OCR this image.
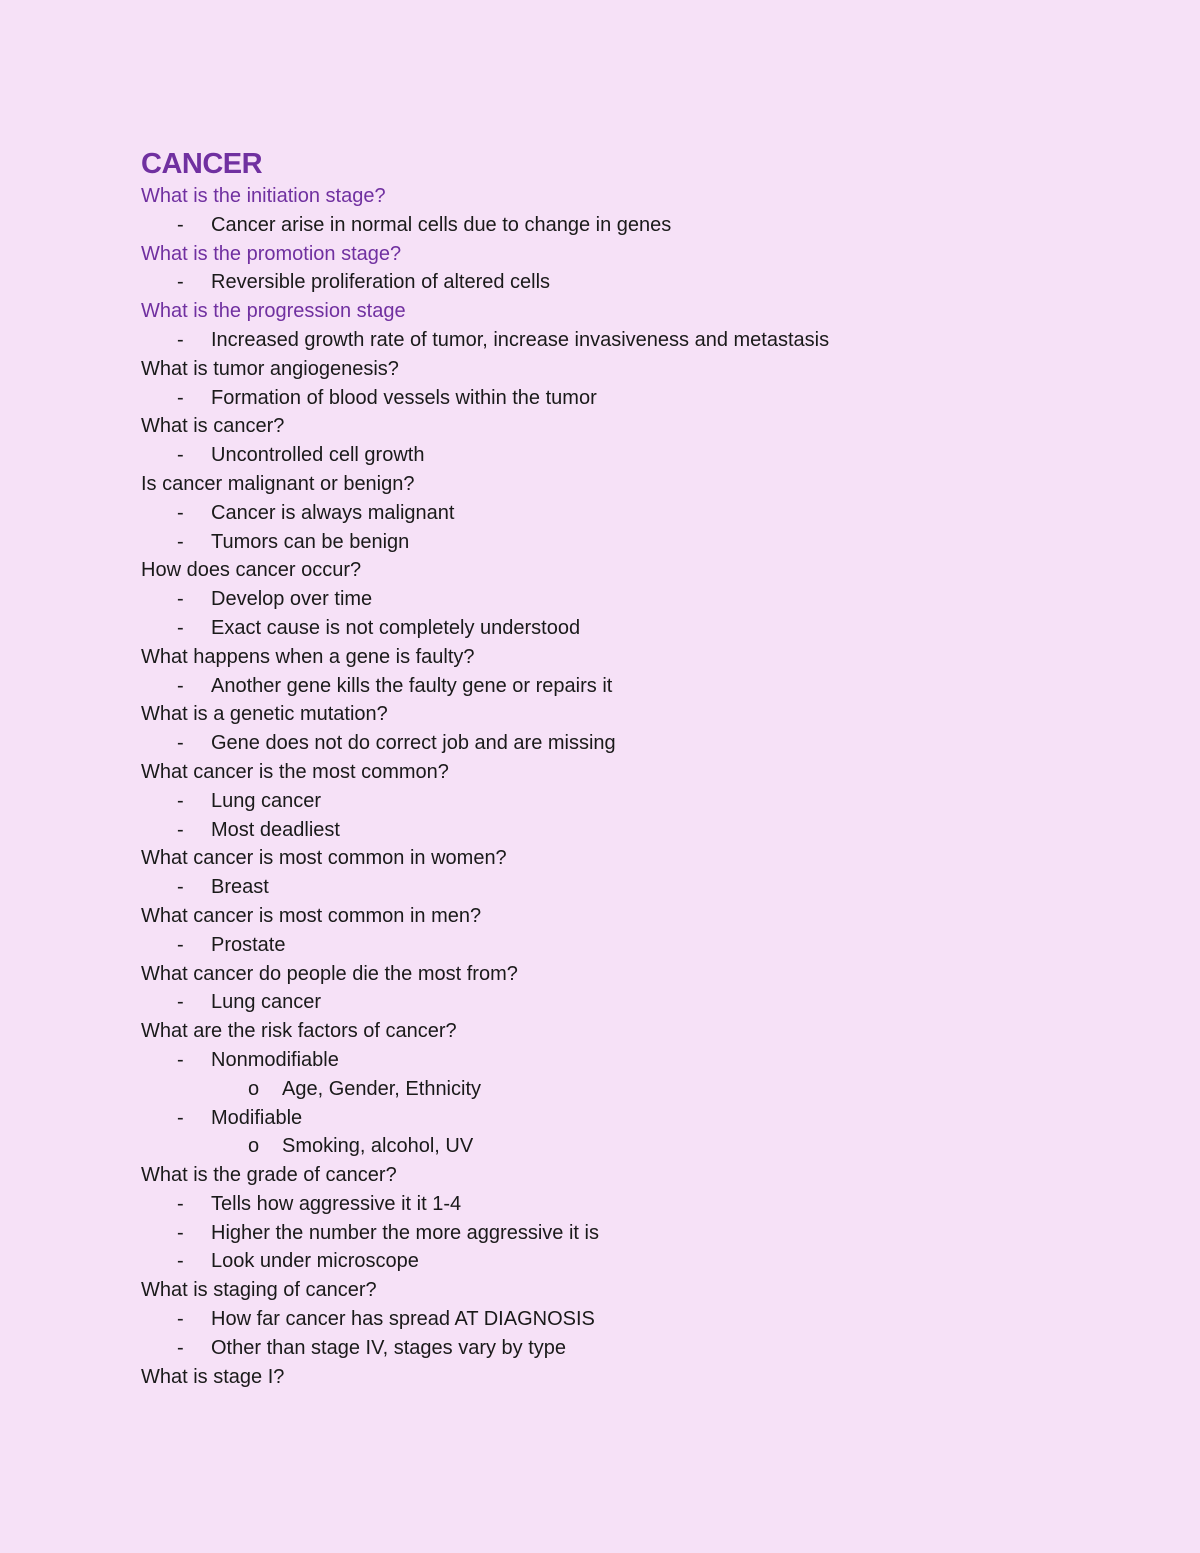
CANCER
What is the initiation stage?
- Cancer arise in normal cells due to change in genes
What is the promotion stage?
- Reversible proliferation of altered cells
What is the progression stage
- Increased growth rate of tumor, increase invasiveness and metastasis
What is tumor angiogenesis?
- Formation of blood vessels within the tumor
What is cancer?
- Uncontrolled cell growth
Is cancer malignant or benign?
- Cancer is always malignant
- Tumors can be benign
How does cancer occur?
- Develop over time
- Exact cause is not completely understood
What happens when a gene is faulty?
- Another gene kills the faulty gene or repairs it
What is a genetic mutation?
- Gene does not do correct job and are missing
What cancer is the most common?
- Lung cancer
- Most deadliest
What cancer is most common in women?
- Breast
What cancer is most common in men?
- Prostate
What cancer do people die the most from?
- Lung cancer
What are the risk factors of cancer?
- Nonmodifiable
o Age, Gender, Ethnicity
- Modifiable
o Smoking, alcohol, UV
What is the grade of cancer?
- Tells how aggressive it it 1-4
- Higher the number the more aggressive it is
- Look under microscope
What is staging of cancer?
- How far cancer has spread AT DIAGNOSIS
- Other than stage IV, stages vary by type
What is stage I?
